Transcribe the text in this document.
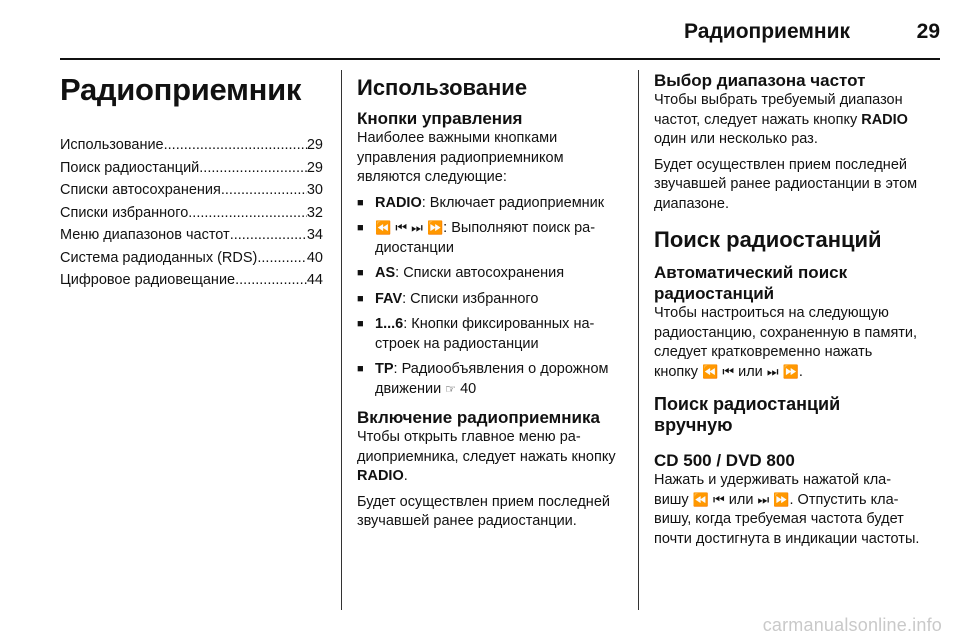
Радиоприемник	29
Радиоприемник
Использование .....	29
Поиск радиостанций .....	29
Списки автосохранения .....	30
Списки избранного .....	32
Меню диапазонов частот .....	34
Система радиоданных (RDS) .....	40
Цифровое радиовещание .....	44
Использование
Кнопки управления
Наиболее важными кнопками управления радиоприемником являются следующие:
■ RADIO: Включает радиоприемник
■ ⏪ ⏮ ⏭ ⏩: Выполняют поиск радиостанции
■ AS: Списки автосохранения
■ FAV: Списки избранного
■ 1...6: Кнопки фиксированных настроек на радиостанции
■ TP: Радиообъявления о дорожном движении ☞ 40
Включение радиоприемника
Чтобы открыть главное меню радиоприемника, следует нажать кнопку RADIO.
Будет осуществлен прием последней звучавшей ранее радиостанции.
Выбор диапазона частот
Чтобы выбрать требуемый диапазон частот, следует нажать кнопку RADIO один или несколько раз.
Будет осуществлен прием последней звучавшей ранее радиостанции в этом диапазоне.
Поиск радиостанций
Автоматический поиск радиостанций
Чтобы настроиться на следующую радиостанцию, сохраненную в памяти, следует кратковременно нажать кнопку ⏪ ⏮ или ⏭ ⏩.
Поиск радиостанций вручную
CD 500 / DVD 800
Нажать и удерживать нажатой клавишу ⏪ ⏮ или ⏭ ⏩. Отпустить клавишу, когда требуемая частота будет почти достигнута в индикации частоты.
carmanualsonline.info
